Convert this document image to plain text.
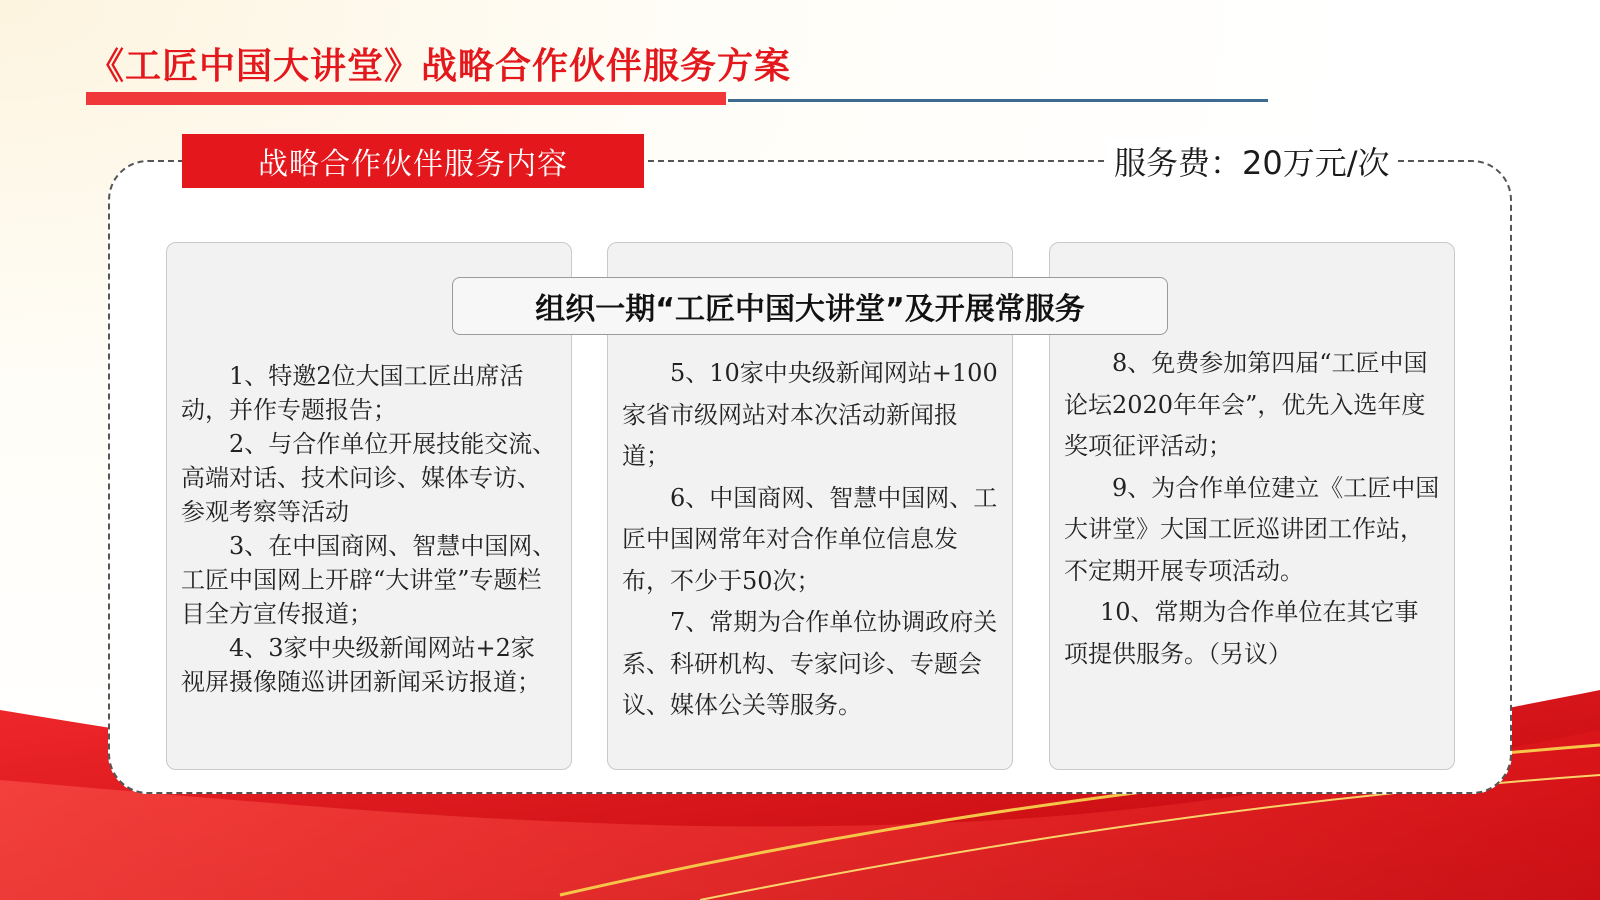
《工匠中国大讲堂》战略合作伙伴服务方案
战略合作伙伴服务内容	服务费：20万元/次

1、特邀2位大国工匠出席活动，并作专题报告；

2、与合作单位开展技能交流、高端对话、技术问诊、媒体专访、参观考察等活动

3、在中国商网、智慧中国网、工匠中国网上开辟“大讲堂”专题栏目全方宣传报道；

4、3家中央级新闻网站+2家视屏摄像随巡讲团新闻采访报道；

5、10家中央级新闻网站+100家省市级网站对本次活动新闻报道；

6、中国商网、智慧中国网、工匠中国网常年对合作单位信息发布，不少于50次；

7、常期为合作单位协调政府关系、科研机构、专家问诊、专题会议、媒体公关等服务。

8、免费参加第四届“工匠中国论坛2020年年会”，优先入选年度奖项征评活动；

9、为合作单位建立《工匠中国大讲堂》大国工匠巡讲团工作站，不定期开展专项活动。

10、常期为合作单位在其它事项提供服务。（另议）

组织一期“工匠中国大讲堂”及开展常服务
